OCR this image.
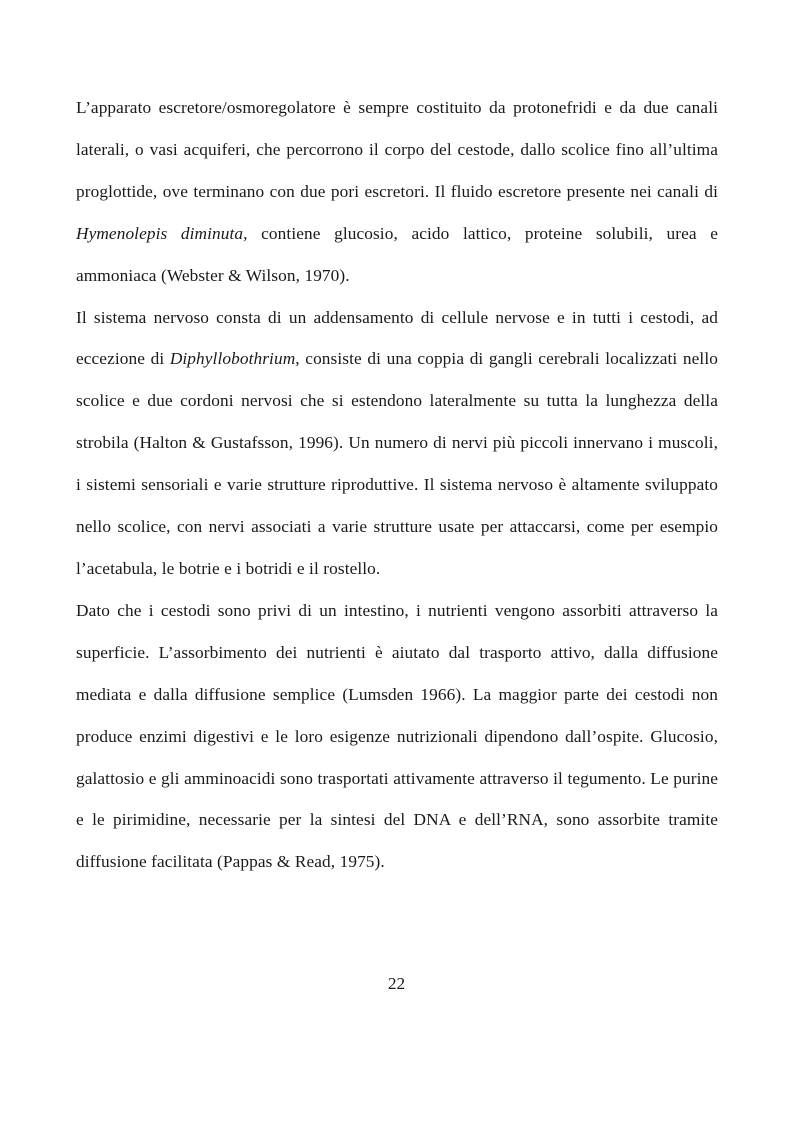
L’apparato escretore/osmoregolatore è sempre costituito da protonefridi e da due canali laterali, o vasi acquiferi, che percorrono il corpo del cestode, dallo scolice fino all’ultima proglottide, ove terminano con due pori escretori. Il fluido escretore presente nei canali di Hymenolepis diminuta, contiene glucosio, acido lattico, proteine solubili, urea e ammoniaca (Webster & Wilson, 1970).

Il sistema nervoso consta di un addensamento di cellule nervose e in tutti i cestodi, ad eccezione di Diphyllobothrium, consiste di una coppia di gangli cerebrali localizzati nello scolice e due cordoni nervosi che si estendono lateralmente su tutta la lunghezza della strobila (Halton & Gustafsson, 1996). Un numero di nervi più piccoli innervano i muscoli, i sistemi sensoriali e varie strutture riproduttive. Il sistema nervoso è altamente sviluppato nello scolice, con nervi associati a varie strutture usate per attaccarsi, come per esempio l’acetabula, le botrie e i botridi e il rostello.

Dato che i cestodi sono privi di un intestino, i nutrienti vengono assorbiti attraverso la superficie. L’assorbimento dei nutrienti è aiutato dal trasporto attivo, dalla diffusione mediata e dalla diffusione semplice (Lumsden 1966). La maggior parte dei cestodi non produce enzimi digestivi e le loro esigenze nutrizionali dipendono dall’ospite. Glucosio, galattosio e gli amminoacidi sono trasportati attivamente attraverso il tegumento. Le purine e le pirimidine, necessarie per la sintesi del DNA e dell’RNA, sono assorbite tramite diffusione facilitata (Pappas & Read, 1975).

22
